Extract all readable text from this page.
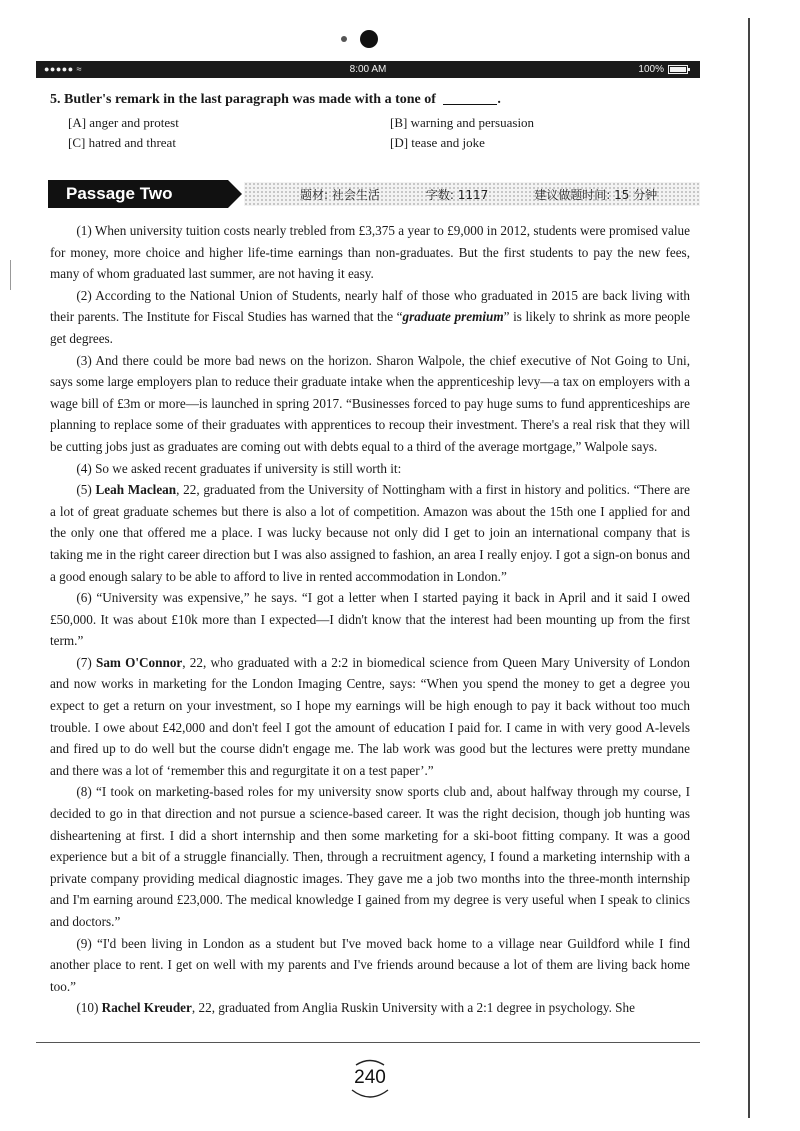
●●●●● ≈	8:00 AM	100%
5. Butler's remark in the last paragraph was made with a tone of	.
[A] anger and protest	[B] warning and persuasion
[C] hatred and threat	[D] tease and joke
Passage Two	题材: 社会生活	字数: 1117	建议做题时间: 15 分钟

(1) When university tuition costs nearly trebled from £3,375 a year to £9,000 in 2012, students were promised value for money, more choice and higher life-time earnings than non-graduates. But the first students to pay the new fees, many of whom graduated last summer, are not having it easy.

(2) According to the National Union of Students, nearly half of those who graduated in 2015 are back living with their parents. The Institute for Fiscal Studies has warned that the “graduate premium” is likely to shrink as more people get degrees.

(3) And there could be more bad news on the horizon. Sharon Walpole, the chief executive of Not Going to Uni, says some large employers plan to reduce their graduate intake when the apprenticeship levy—a tax on employers with a wage bill of £3m or more—is launched in spring 2017. “Businesses forced to pay huge sums to fund apprenticeships are planning to replace some of their graduates with apprentices to recoup their investment. There's a real risk that they will be cutting jobs just as graduates are coming out with debts equal to a third of the average mortgage,” Walpole says.

(4) So we asked recent graduates if university is still worth it:

(5) Leah Maclean, 22, graduated from the University of Nottingham with a first in history and politics. “There are a lot of great graduate schemes but there is also a lot of competition. Amazon was about the 15th one I applied for and the only one that offered me a place. I was lucky because not only did I get to join an international company that is taking me in the right career direction but I was also assigned to fashion, an area I really enjoy. I got a sign-on bonus and a good enough salary to be able to afford to live in rented accommodation in London.”

(6) “University was expensive,” he says. “I got a letter when I started paying it back in April and it said I owed £50,000. It was about £10k more than I expected—I didn't know that the interest had been mounting up from the first term.”

(7) Sam O'Connor, 22, who graduated with a 2:2 in biomedical science from Queen Mary University of London and now works in marketing for the London Imaging Centre, says: “When you spend the money to get a degree you expect to get a return on your investment, so I hope my earnings will be high enough to pay it back without too much trouble. I owe about £42,000 and don't feel I got the amount of education I paid for. I came in with very good A-levels and fired up to do well but the course didn't engage me. The lab work was good but the lectures were pretty mundane and there was a lot of ‘remember this and regurgitate it on a test paper’.”

(8) “I took on marketing-based roles for my university snow sports club and, about halfway through my course, I decided to go in that direction and not pursue a science-based career. It was the right decision, though job hunting was disheartening at first. I did a short internship and then some marketing for a ski-boot fitting company. It was a good experience but a bit of a struggle financially. Then, through a recruitment agency, I found a marketing internship with a private company providing medical diagnostic images. They gave me a job two months into the three-month internship and I'm earning around £23,000. The medical knowledge I gained from my degree is very useful when I speak to clinics and doctors.”

(9) “I'd been living in London as a student but I've moved back home to a village near Guildford while I find another place to rent. I get on well with my parents and I've friends around because a lot of them are living back home too.”

(10) Rachel Kreuder, 22, graduated from Anglia Ruskin University with a 2:1 degree in psychology. She

240
